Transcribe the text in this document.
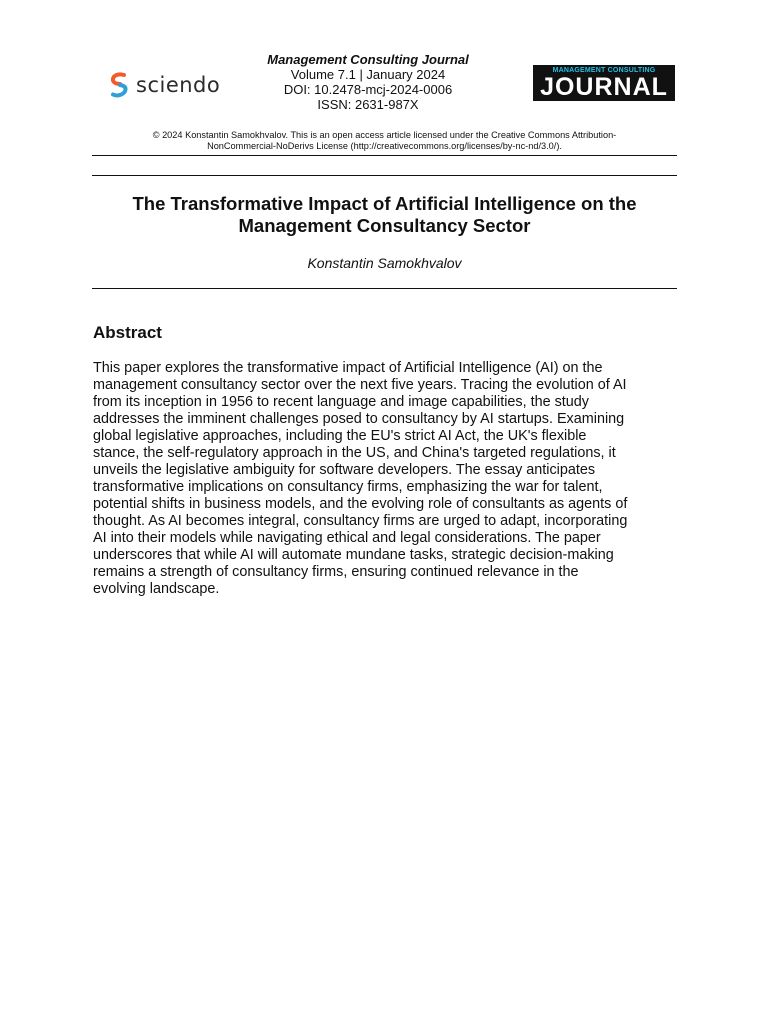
sciendo
Management Consulting Journal
Volume 7.1 | January 2024
DOI: 10.2478-mcj-2024-0006
ISSN: 2631-987X
MANAGEMENT CONSULTING
JOURNAL
© 2024 Konstantin Samokhvalov. This is an open access article licensed under the Creative Commons Attribution-
NonCommercial-NoDerivs License (http://creativecommons.org/licenses/by-nc-nd/3.0/).
The Transformative Impact of Artificial Intelligence on the Management Consultancy Sector
Konstantin Samokhvalov
Abstract

This paper explores the transformative impact of Artificial Intelligence (AI) on the
management consultancy sector over the next five years. Tracing the evolution of AI
from its inception in 1956 to recent language and image capabilities, the study
addresses the imminent challenges posed to consultancy by AI startups. Examining
global legislative approaches, including the EU's strict AI Act, the UK's flexible
stance, the self-regulatory approach in the US, and China's targeted regulations, it
unveils the legislative ambiguity for software developers. The essay anticipates
transformative implications on consultancy firms, emphasizing the war for talent,
potential shifts in business models, and the evolving role of consultants as agents of
thought. As AI becomes integral, consultancy firms are urged to adapt, incorporating
AI into their models while navigating ethical and legal considerations. The paper
underscores that while AI will automate mundane tasks, strategic decision-making
remains a strength of consultancy firms, ensuring continued relevance in the
evolving landscape.
